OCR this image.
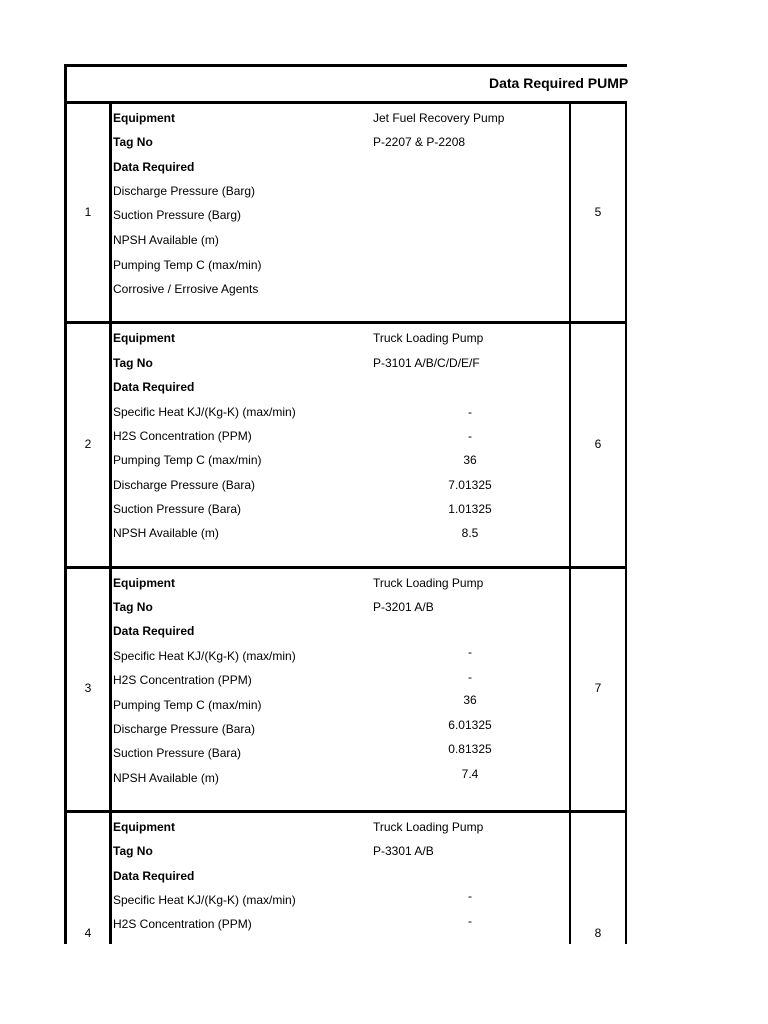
Data Required PUMP
1	5
Equipment	Jet Fuel Recovery Pump
Tag No	P-2207 & P-2208
Data Required
Discharge Pressure (Barg)
Suction Pressure (Barg)
NPSH Available (m)
Pumping Temp C (max/min)
Corrosive / Errosive Agents
2	6
Equipment	Truck Loading Pump
Tag No	P-3101 A/B/C/D/E/F
Data Required
Specific Heat KJ/(Kg-K) (max/min)	-
H2S Concentration (PPM)	-
Pumping Temp C (max/min)	36
Discharge Pressure (Bara)	7.01325
Suction Pressure (Bara)	1.01325
NPSH Available (m)	8.5
3	7
Equipment	Truck Loading Pump
Tag No	P-3201 A/B
Data Required
Specific Heat KJ/(Kg-K) (max/min)	-
H2S Concentration (PPM)	-
Pumping Temp C (max/min)	36
Discharge Pressure (Bara)	6.01325
Suction Pressure (Bara)	0.81325
NPSH Available (m)	7.4
4	8
Equipment	Truck Loading Pump
Tag No	P-3301 A/B
Data Required
Specific Heat KJ/(Kg-K) (max/min)	-
H2S Concentration (PPM)	-
